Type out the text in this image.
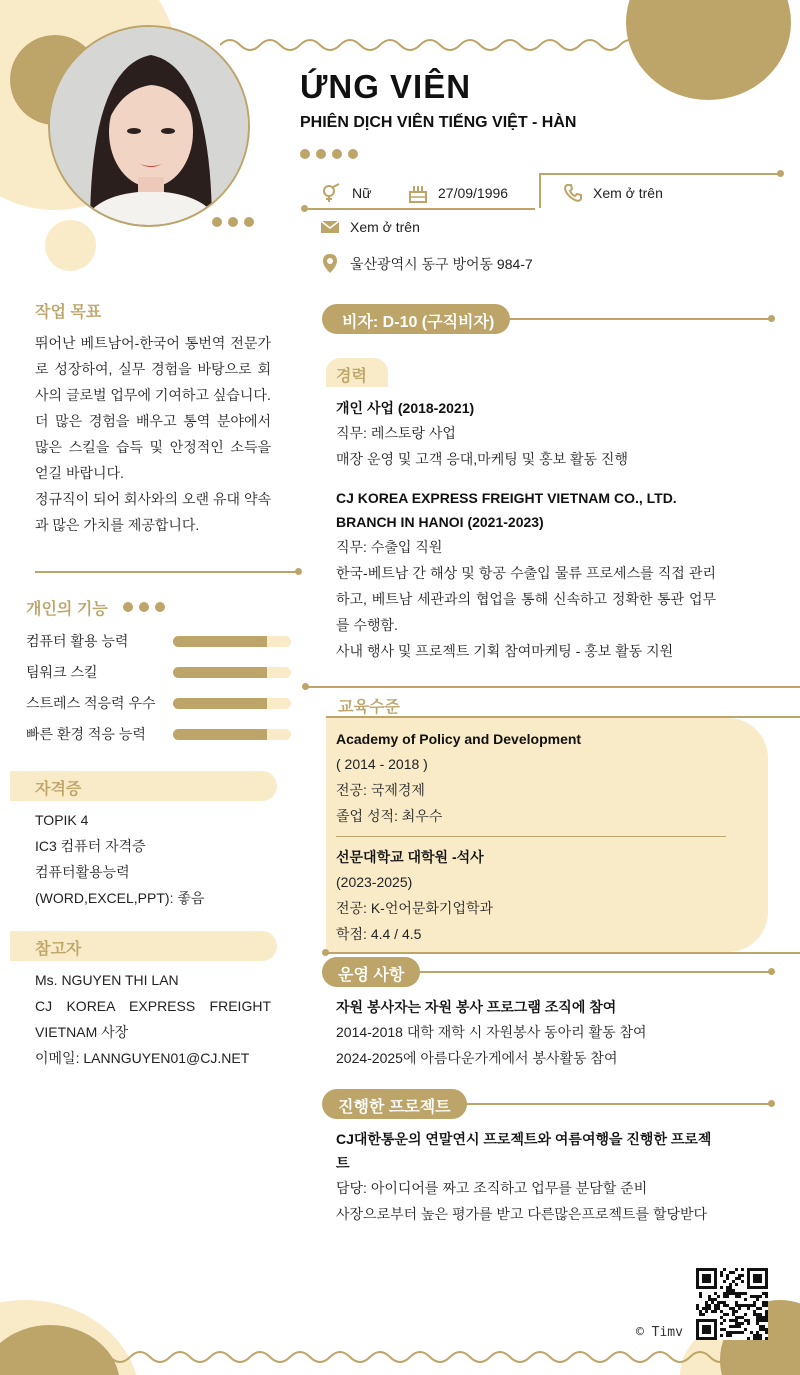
ỨNG VIÊN
PHIÊN DỊCH VIÊN TIẾNG VIỆT - HÀN
Nữ	27/09/1996	Xem ở trên
Xem ở trên
울산광역시 동구 방어동 984-7
작업 목표

뛰어난 베트남어-한국어 통번역 전문가로 성장하여, 실무 경험을 바탕으로 회사의 글로벌 업무에 기여하고 싶습니다.

더 많은 경험을 배우고 통역 분야에서 많은 스킬을 습득 및 안정적인 소득을 얻길 바랍니다.

정규직이 되어 회사와의 오랜 유대 약속과 많은 가치를 제공합니다.

개인의 기능
컴퓨터 활용 능력
팀워크 스킬
스트레스 적응력 우수
빠른 환경 적응 능력
자격증
TOPIK 4
IC3 컴퓨터 자격증
컴퓨터활용능력
(WORD,EXCEL,PPT): 좋음
참고자
Ms. NGUYEN THI LAN
CJ KOREA EXPRESS FREIGHT VIETNAM 사장
이메일: LANNGUYEN01@CJ.NET
비자: D-10 (구직비자)
경력
개인 사업 (2018-2021)
직무: 레스토랑 사업
매장 운영 및 고객 응대,마케팅 및 홍보 활동 진행
CJ KOREA EXPRESS FREIGHT VIETNAM CO., LTD. BRANCH IN HANOI (2021-2023)
직무: 수출입 직원
한국-베트남 간 해상 및 항공 수출입 물류 프로세스를 직접 관리하고, 베트남 세관과의 협업을 통해 신속하고 정확한 통관 업무를 수행함.
사내 행사 및 프로젝트 기획 참여마케팅 - 홍보 활동 지원
교육수준
Academy of Policy and Development
( 2014 - 2018 )
전공: 국제경제
졸업 성적: 최우수
선문대학교 대학원 -석사
(2023-2025)
전공: K-언어문화기업학과
학점: 4.4 / 4.5
운영 사항
자원 봉사자는 자원 봉사 프로그램 조직에 참여
2014-2018 대학 재학 시 자원봉사 동아리 활동 참여
2024-2025에 아름다운가게에서 봉사활동 참여
진행한 프로젝트
CJ대한통운의 연말연시 프로젝트와 여름여행을 진행한 프로젝트
담당: 아이디어를 짜고 조직하고 업무를 분담할 준비
사장으로부터 높은 평가를 받고 다른많은프로젝트를 할당받다
© Timv
